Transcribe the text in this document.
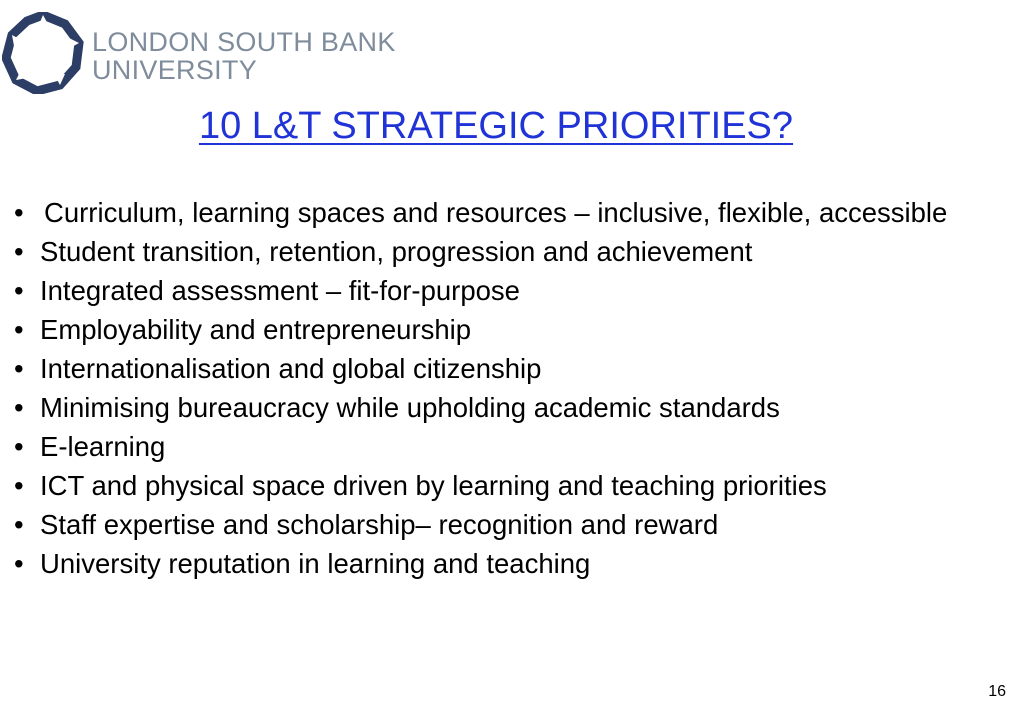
LONDON SOUTH BANK
UNIVERSITY
10 L&T STRATEGIC PRIORITIES?
• Curriculum, learning spaces and resources – inclusive, flexible, accessible
• Student transition, retention, progression and achievement
• Integrated assessment – fit-for-purpose
• Employability and entrepreneurship
• Internationalisation and global citizenship
• Minimising bureaucracy while upholding academic standards
• E-learning
• ICT and physical space driven by learning and teaching priorities
• Staff expertise and scholarship– recognition and reward
• University reputation in learning and teaching
16
